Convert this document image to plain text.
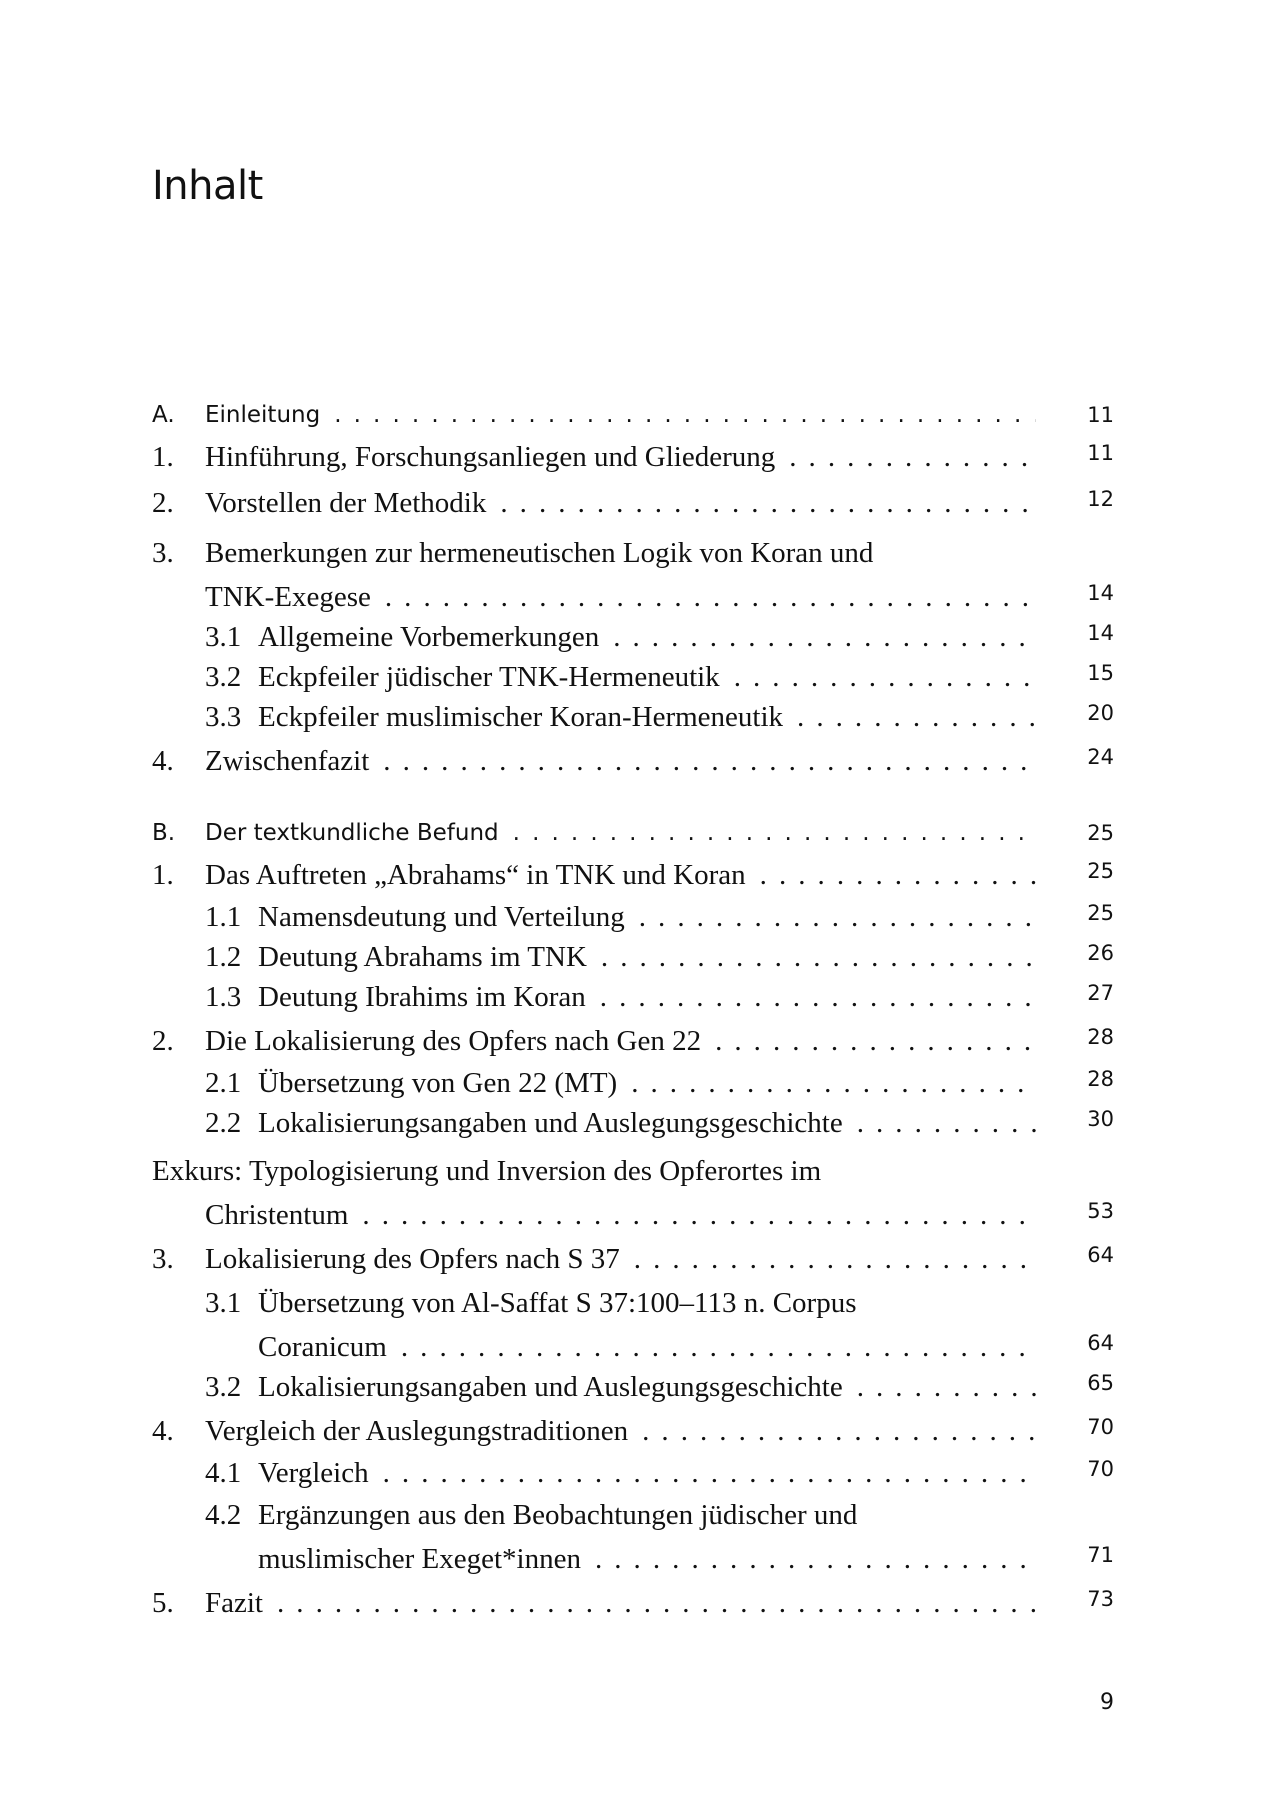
Inhalt
A.	Einleitung . . .	11
1.	Hinführung, Forschungsanliegen und Gliederung . . .	11
2.	Vorstellen der Methodik . . .	12
3.	Bemerkungen zur hermeneutischen Logik von Koran und
TNK-Exegese . . .	14
3.1 Allgemeine Vorbemerkungen . . .	14
3.2 Eckpfeiler jüdischer TNK-Hermeneutik . . .	15
3.3 Eckpfeiler muslimischer Koran-Hermeneutik . . .	20
4.	Zwischenfazit . . .	24
B.	Der textkundliche Befund . . .	25
1.	Das Auftreten „Abrahams“ in TNK und Koran . . .	25
1.1 Namensdeutung und Verteilung . . .	25
1.2 Deutung Abrahams im TNK . . .	26
1.3 Deutung Ibrahims im Koran . . .	27
2.	Die Lokalisierung des Opfers nach Gen 22 . . .	28
2.1 Übersetzung von Gen 22 (MT) . . .	28
2.2 Lokalisierungsangaben und Auslegungsgeschichte . . .	30
Exkurs: Typologisierung und Inversion des Opferortes im
Christentum . . .	53
3.	Lokalisierung des Opfers nach S 37 . . .	64
3.1 Übersetzung von Al-Saffat S 37:100–113 n. Corpus
Coranicum . . .	64
3.2 Lokalisierungsangaben und Auslegungsgeschichte . . .	65
4.	Vergleich der Auslegungstraditionen . . .	70
4.1 Vergleich . . .	70
4.2 Ergänzungen aus den Beobachtungen jüdischer und
muslimischer Exeget*innen . . .	71
5.	Fazit . . .	73
9
